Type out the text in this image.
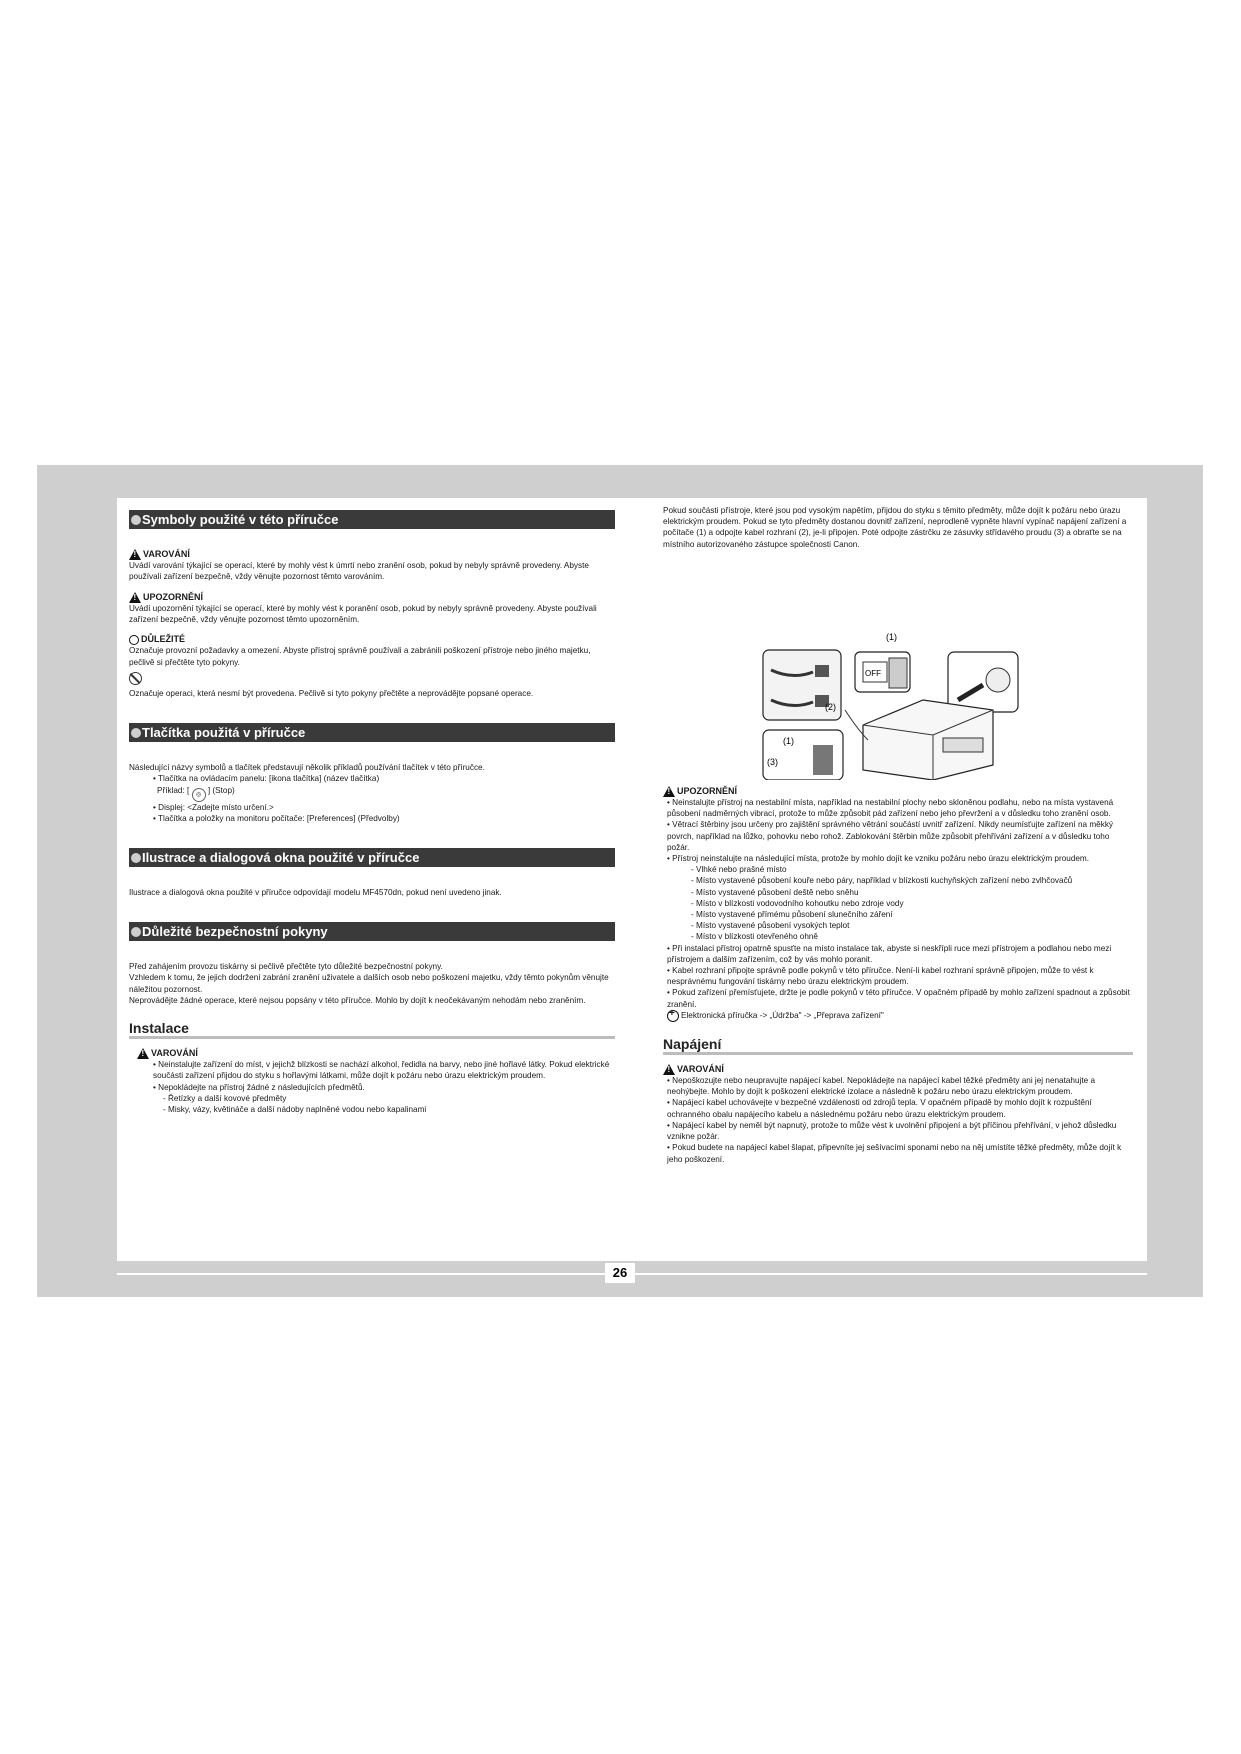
26
Symboly použité v této příručce
!
VAROVÁNÍ

Uvádí varování týkající se operací, které by mohly vést k úmrtí nebo zranění osob, pokud by nebyly správně provedeny. Abyste používali zařízení bezpečně, vždy věnujte pozornost těmto varováním.

!
UPOZORNĚNÍ

Uvádí upozornění týkající se operací, které by mohly vést k poranění osob, pokud by nebyly správně provedeny. Abyste používali zařízení bezpečně, vždy věnujte pozornost těmto upozorněním.

DŮLEŽITÉ

Označuje provozní požadavky a omezení. Abyste přístroj správně používali a zabránili poškození přístroje nebo jiného majetku, pečlivě si přečtěte tyto pokyny.

Označuje operaci, která nesmí být provedena. Pečlivě si tyto pokyny přečtěte a neprovádějte popsané operace.

Tlačítka použitá v příručce

Následující názvy symbolů a tlačítek představují několik příkladů používání tlačítek v této příručce.

• Tlačítka na ovládacím panelu: [ikona tlačítka] (název tlačítka)
Příklad: [ ◎ ] (Stop)
• Displej: <Zadejte místo určení.>
• Tlačítka a položky na monitoru počítače: [Preferences] (Předvolby)
Ilustrace a dialogová okna použité v příručce

Ilustrace a dialogová okna použité v příručce odpovídají modelu MF4570dn, pokud není uvedeno jinak.

Důležité bezpečnostní pokyny

Před zahájením provozu tiskárny si pečlivě přečtěte tyto důležité bezpečnostní pokyny.

Vzhledem k tomu, že jejich dodržení zabrání zranění uživatele a dalších osob nebo poškození majetku, vždy těmto pokynům věnujte náležitou pozornost.

Neprovádějte žádné operace, které nejsou popsány v této příručce. Mohlo by dojít k neočekávaným nehodám nebo zraněním.

Instalace
!
VAROVÁNÍ
• Neinstalujte zařízení do míst, v jejichž blízkosti se nachází alkohol, ředidla na barvy, nebo jiné hořlavé látky. Pokud elektrické součásti zařízení přijdou do styku s hořlavými látkami, může dojít k požáru nebo úrazu elektrickým proudem.
• Nepokládejte na přístroj žádné z následujících předmětů.
- Řetízky a další kovové předměty
- Misky, vázy, květináče a další nádoby naplněné vodou nebo kapalinami

Pokud součásti přístroje, které jsou pod vysokým napětím, přijdou do styku s těmito předměty, může dojít k požáru nebo úrazu elektrickým proudem. Pokud se tyto předměty dostanou dovnitř zařízení, neprodleně vypněte hlavní vypínač napájení zařízení a počítače (1) a odpojte kabel rozhraní (2), je-li připojen. Poté odpojte zástrčku ze zásuvky střídavého proudu (3) a obraťte se na místního autorizovaného zástupce společnosti Canon.

(1)
(2)
OFF
(1)
(3)
!
UPOZORNĚNÍ
• Neinstalujte přístroj na nestabilní místa, například na nestabilní plochy nebo skloněnou podlahu, nebo na místa vystavená působení nadměrných vibrací, protože to může způsobit pád zařízení nebo jeho převržení a v důsledku toho zranění osob.
• Větrací štěrbiny jsou určeny pro zajištění správného větrání součástí uvnitř zařízení. Nikdy neumísťujte zařízení na měkký povrch, například na lůžko, pohovku nebo rohož. Zablokování štěrbin může způsobit přehřívání zařízení a v důsledku toho požár.
• Přístroj neinstalujte na následující místa, protože by mohlo dojít ke vzniku požáru nebo úrazu elektrickým proudem.
- Vlhké nebo prašné místo
- Místo vystavené působení kouře nebo páry, například v blízkosti kuchyňských zařízení nebo zvlhčovačů
- Místo vystavené působení deště nebo sněhu
- Místo v blízkosti vodovodního kohoutku nebo zdroje vody
- Místo vystavené přímému působení slunečního záření
- Místo vystavené působení vysokých teplot
- Místo v blízkosti otevřeného ohně
• Při instalaci přístroj opatrně spusťte na místo instalace tak, abyste si neskřípli ruce mezi přístrojem a podlahou nebo mezi přístrojem a dalším zařízením, což by vás mohlo poranit.
• Kabel rozhraní připojte správně podle pokynů v této příručce. Není-li kabel rozhraní správně připojen, může to vést k nesprávnému fungování tiskárny nebo úrazu elektrickým proudem.
• Pokud zařízení přemísťujete, držte je podle pokynů v této příručce. V opačném případě by mohlo zařízení spadnout a způsobit zranění.
+
Elektronická příručka -> „Údržba" -> „Přeprava zařízení"
Napájení
!
VAROVÁNÍ
• Nepoškozujte nebo neupravujte napájecí kabel. Nepokládejte na napájecí kabel těžké předměty ani jej nenatahujte a neohýbejte. Mohlo by dojít k poškození elektrické izolace a následně k požáru nebo úrazu elektrickým proudem.
• Napájecí kabel uchovávejte v bezpečné vzdálenosti od zdrojů tepla. V opačném případě by mohlo dojít k rozpuštění ochranného obalu napájecího kabelu a následnému požáru nebo úrazu elektrickým proudem.
• Napájecí kabel by neměl být napnutý, protože to může vést k uvolnění připojení a být příčinou přehřívání, v jehož důsledku vznikne požár.
• Pokud budete na napájecí kabel šlapat, připevníte jej sešívacími sponami nebo na něj umístíte těžké předměty, může dojít k jeho poškození.
